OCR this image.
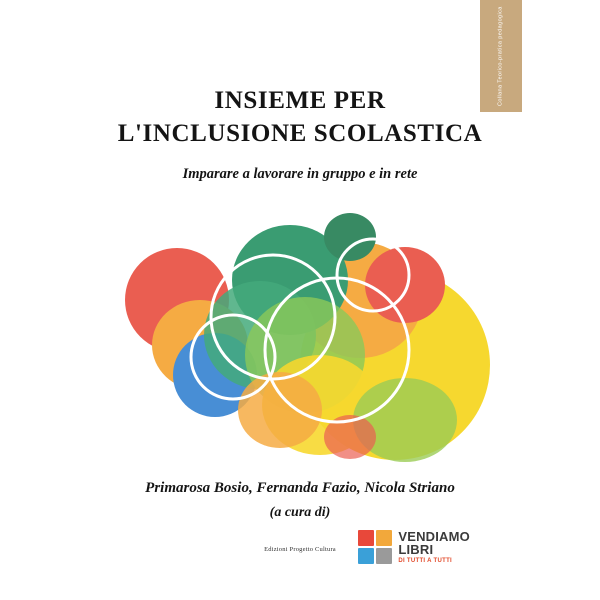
Collana Teorico-pratica pedagogica
INSIEME PER
L'INCLUSIONE SCOLASTICA
Imparare a lavorare in gruppo e in rete
Primarosa Bosio, Fernanda Fazio, Nicola Striano
(a cura di)
Edizioni Progetto Cultura
VENDIAMO
LIBRI
DI TUTTI A TUTTI
